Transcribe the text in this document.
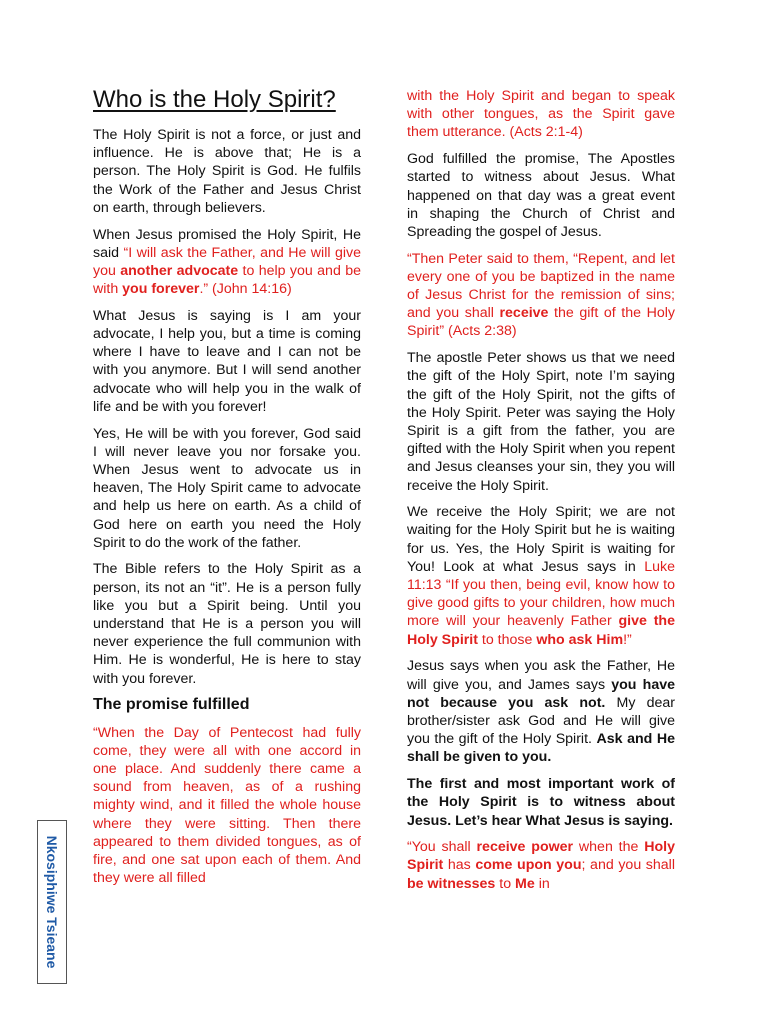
Who is the Holy Spirit?

The Holy Spirit is not a force, or just and influence. He is above that; He is a person. The Holy Spirit is God. He fulfils the Work of the Father and Jesus Christ on earth, through believers.

When Jesus promised the Holy Spirit, He said “I will ask the Father, and He will give you another advocate to help you and be with you forever.” (John 14:16)

What Jesus is saying is I am your advocate, I help you, but a time is coming where I have to leave and I can not be with you anymore. But I will send another advocate who will help you in the walk of life and be with you forever!

Yes, He will be with you forever, God said I will never leave you nor forsake you. When Jesus went to advocate us in heaven, The Holy Spirit came to advocate and help us here on earth. As a child of God here on earth you need the Holy Spirit to do the work of the father.

The Bible refers to the Holy Spirit as a person, its not an “it”. He is a person fully like you but a Spirit being. Until you understand that He is a person you will never experience the full communion with Him. He is wonderful, He is here to stay with you forever.

The promise fulfilled

“When the Day of Pentecost had fully come, they were all with one accord in one place. And suddenly there came a sound from heaven, as of a rushing mighty wind, and it filled the whole house where they were sitting. Then there appeared to them divided tongues, as of fire, and one sat upon each of them. And they were all filled

with the Holy Spirit and began to speak with other tongues, as the Spirit gave them utterance. (Acts 2:1-4)

God fulfilled the promise, The Apostles started to witness about Jesus. What happened on that day was a great event in shaping the Church of Christ and Spreading the gospel of Jesus.

“Then Peter said to them, “Repent, and let every one of you be baptized in the name of Jesus Christ for the remission of sins; and you shall receive the gift of the Holy Spirit” (Acts 2:38)

The apostle Peter shows us that we need the gift of the Holy Spirt, note I’m saying the gift of the Holy Spirit, not the gifts of the Holy Spirit. Peter was saying the Holy Spirit is a gift from the father, you are gifted with the Holy Spirit when you repent and Jesus cleanses your sin, they you will receive the Holy Spirit.

We receive the Holy Spirit; we are not waiting for the Holy Spirit but he is waiting for us. Yes, the Holy Spirit is waiting for You! Look at what Jesus says in Luke 11:13 “If you then, being evil, know how to give good gifts to your children, how much more will your heavenly Father give the Holy Spirit to those who ask Him!”

Jesus says when you ask the Father, He will give you, and James says you have not because you ask not. My dear brother/sister ask God and He will give you the gift of the Holy Spirit. Ask and He shall be given to you.

The first and most important work of the Holy Spirit is to witness about Jesus. Let’s hear What Jesus is saying.

“You shall receive power when the Holy Spirit has come upon you; and you shall be witnesses to Me in

Nkosiphiwe Tsieane
